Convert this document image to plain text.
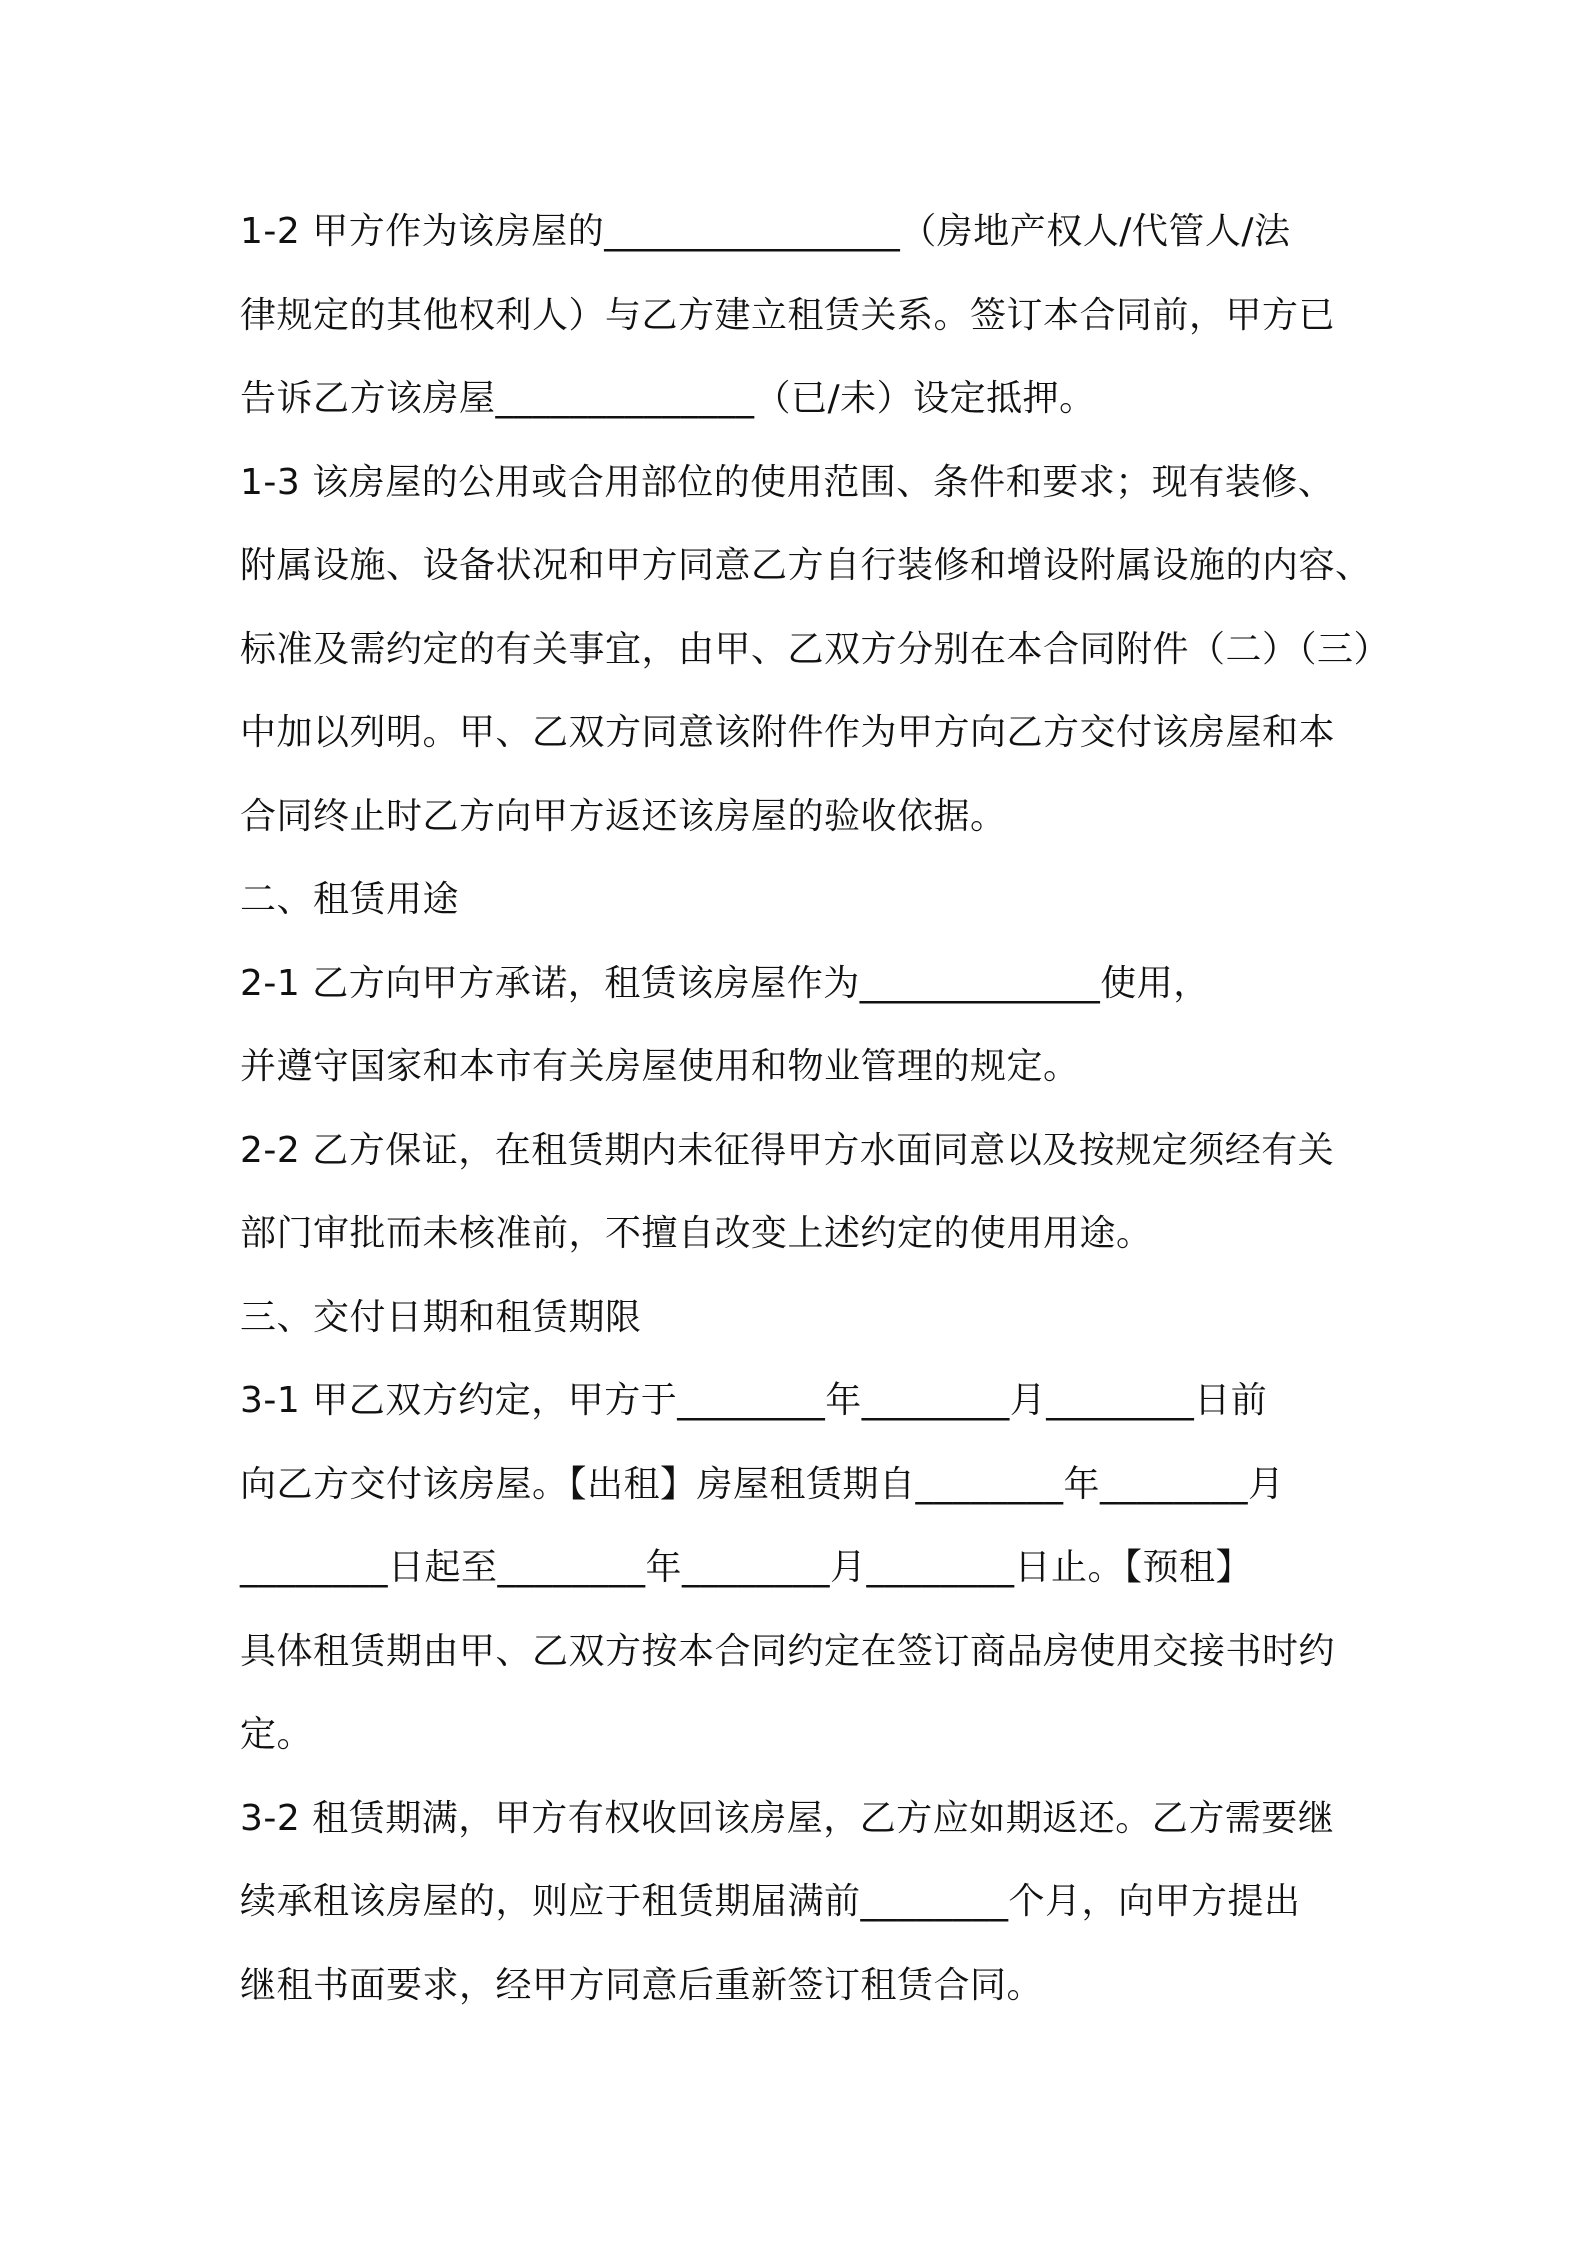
1-2 甲方作为该房屋的________________（房地产权人/代管人/法
律规定的其他权利人）与乙方建立租赁关系。签订本合同前，甲方已
告诉乙方该房屋______________（已/未）设定抵押。
1-3 该房屋的公用或合用部位的使用范围、条件和要求；现有装修、
附属设施、设备状况和甲方同意乙方自行装修和增设附属设施的内容、
标准及需约定的有关事宜，由甲、乙双方分别在本合同附件（二）（三）
中加以列明。甲、乙双方同意该附件作为甲方向乙方交付该房屋和本
合同终止时乙方向甲方返还该房屋的验收依据。
二、租赁用途
2-1 乙方向甲方承诺，租赁该房屋作为_____________使用，
并遵守国家和本市有关房屋使用和物业管理的规定。
2-2 乙方保证，在租赁期内未征得甲方水面同意以及按规定须经有关
部门审批而未核准前，不擅自改变上述约定的使用用途。
三、交付日期和租赁期限
3-1 甲乙双方约定，甲方于________年________月________日前
向乙方交付该房屋。【出租】房屋租赁期自________年________月
________日起至________年________月________日止。【预租】
具体租赁期由甲、乙双方按本合同约定在签订商品房使用交接书时约
定。
3-2 租赁期满，甲方有权收回该房屋，乙方应如期返还。乙方需要继
续承租该房屋的，则应于租赁期届满前________个月，向甲方提出
继租书面要求，经甲方同意后重新签订租赁合同。
